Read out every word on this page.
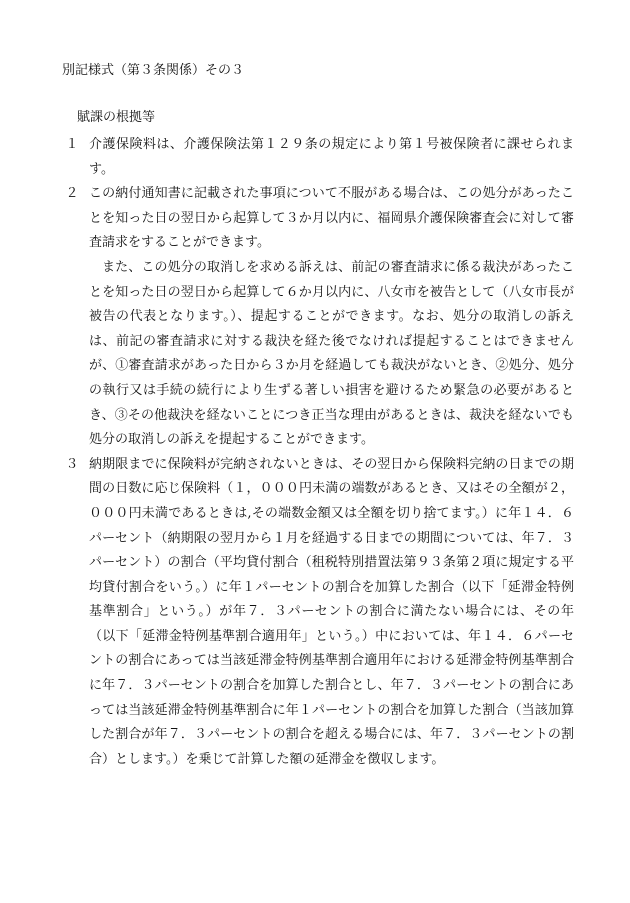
別記様式（第３条関係）その３
賦課の根拠等
１ 介護保険料は、介護保険法第１２９条の規定により第１号被保険者に課せられます。

２ この納付通知書に記載された事項について不服がある場合は、この処分があったことを知った日の翌日から起算して３か月以内に、福岡県介護保険審査会に対して審査請求をすることができます。

また、この処分の取消しを求める訴えは、前記の審査請求に係る裁決があったことを知った日の翌日から起算して６か月以内に、八女市を被告として（八女市長が被告の代表となります。）、提起することができます。なお、処分の取消しの訴えは、前記の審査請求に対する裁決を経た後でなければ提起することはできませんが、①審査請求があった日から３か月を経過しても裁決がないとき、②処分、処分の執行又は手続の続行により生ずる著しい損害を避けるため緊急の必要があるとき、③その他裁決を経ないことにつき正当な理由があるときは、裁決を経ないでも処分の取消しの訴えを提起することができます。

３ 納期限までに保険料が完納されないときは、その翌日から保険料完納の日までの期間の日数に応じ保険料（１，０００円未満の端数があるとき、又はその全額が２，０００円未満であるときは,その端数金額又は全額を切り捨てます。）に年１４．６パーセント（納期限の翌月から１月を経過する日までの期間については、年７．３パーセント）の割合（平均貸付割合（租税特別措置法第９３条第２項に規定する平均貸付割合をいう。）に年１パーセントの割合を加算した割合（以下「延滞金特例基準割合」という。）が年７．３パーセントの割合に満たない場合には、その年（以下「延滞金特例基準割合適用年」という。）中においては、年１４．６パーセントの割合にあっては当該延滞金特例基準割合適用年における延滞金特例基準割合に年７．３パーセントの割合を加算した割合とし、年７．３パーセントの割合にあっては当該延滞金特例基準割合に年１パーセントの割合を加算した割合（当該加算した割合が年７．３パーセントの割合を超える場合には、年７．３パーセントの割合）とします。）を乗じて計算した額の延滞金を徴収します。
